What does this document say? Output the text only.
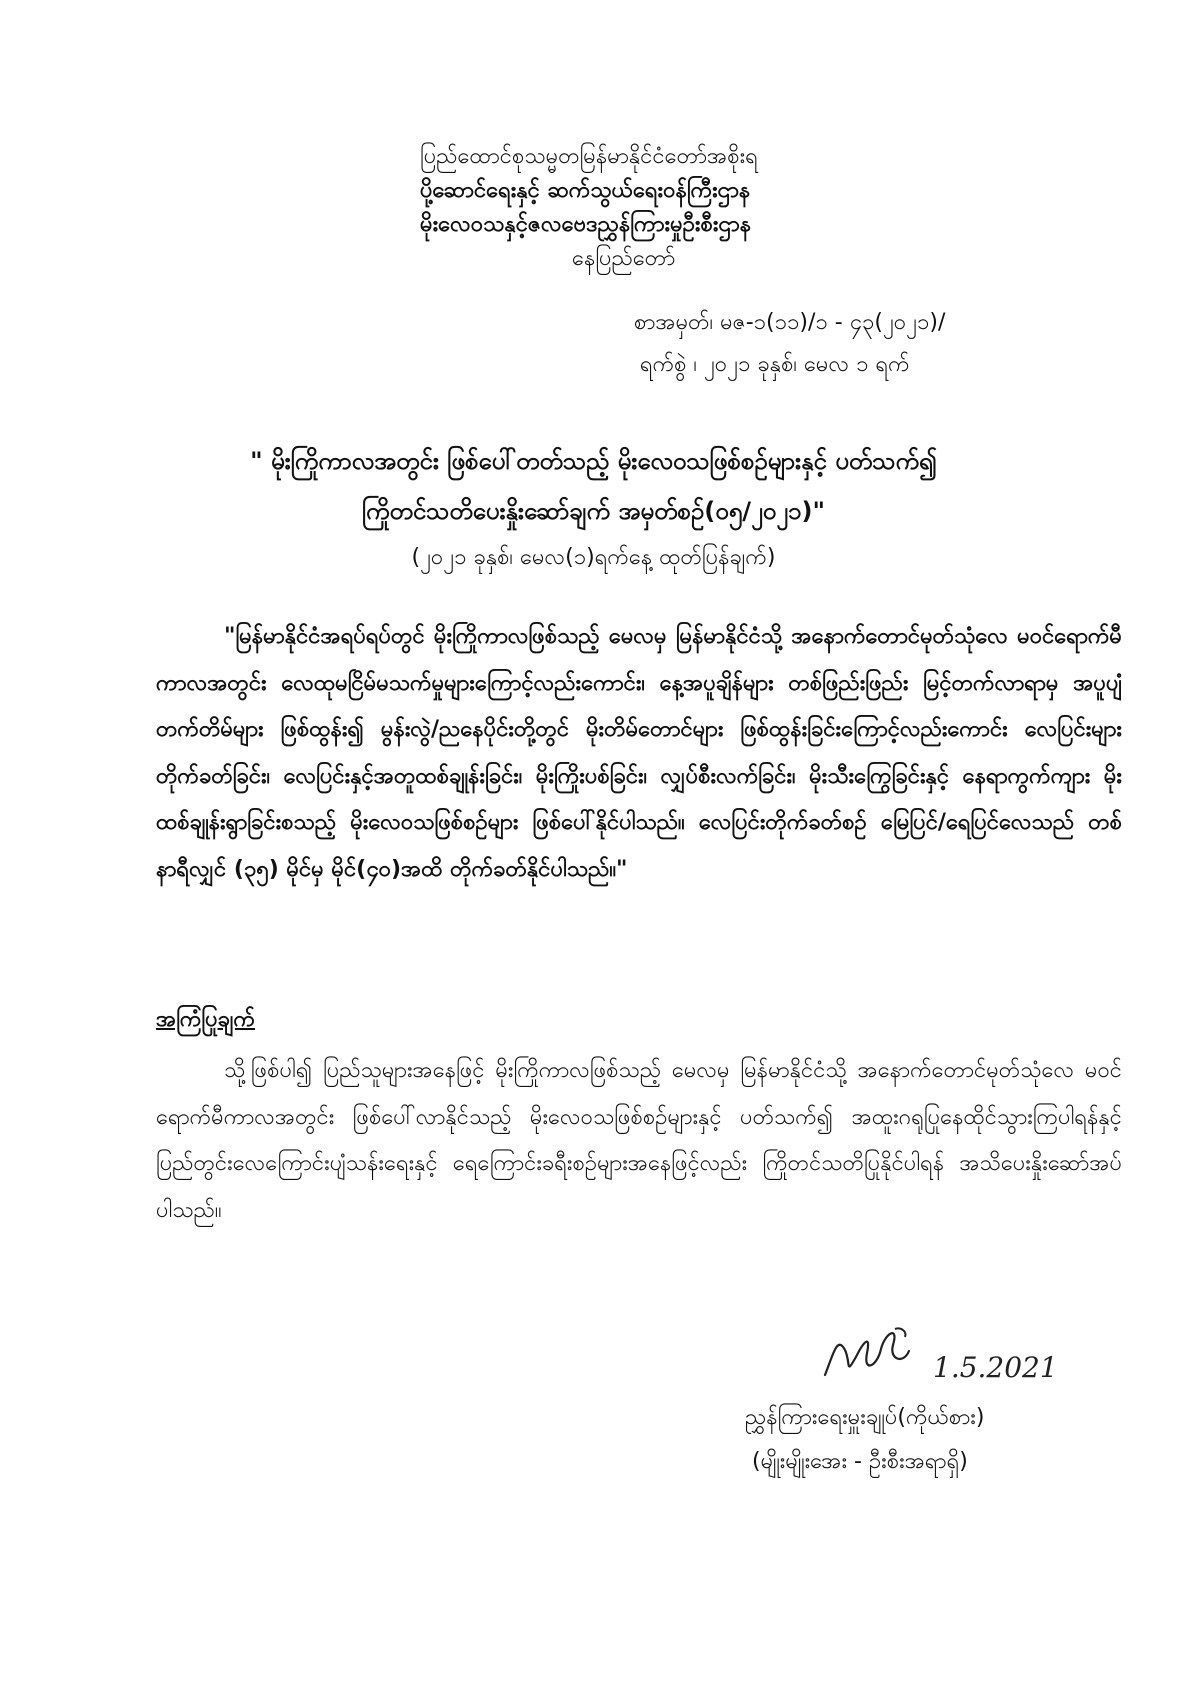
ပြည်ထောင်စုသမ္မတမြန်မာနိုင်ငံတော်အစိုးရ
ပို့ဆောင်ရေးနှင့် ဆက်သွယ်ရေးဝန်ကြီးဌာန
မိုးလေဝသနှင့်ဇလဗေဒညွှန်ကြားမှုဦးစီးဌာန
နေပြည်တော်
စာအမှတ်၊ မဇ-၁(၁၁)/၁ - ၄၃(၂၀၂၁)/
ရက်စွဲ ၊ ၂၀၂၁ ခုနှစ်၊ မေလ ၁ ရက်
" မိုးကြိုကာလအတွင်း ဖြစ်ပေါ်တတ်သည့် မိုးလေဝသဖြစ်စဉ်များနှင့် ပတ်သက်၍
ကြိုတင်သတိပေးနှိုးဆော်ချက် အမှတ်စဉ်(၀၅/၂၀၂၁)"
(၂၀၂၁ ခုနှစ်၊ မေလ(၁)ရက်နေ့ ထုတ်ပြန်ချက်)

"မြန်မာနိုင်ငံအရပ်ရပ်တွင် မိုးကြိုကာလဖြစ်သည့် မေလမှ မြန်မာနိုင်ငံသို့ အနောက်တောင်မုတ်သုံလေ မဝင်ရောက်မီကာလအတွင်း လေထုမငြိမ်မသက်မှုများကြောင့်လည်းကောင်း၊ နေ့အပူချိန်များ တစ်ဖြည်းဖြည်း မြင့်တက်လာရာမှ အပူပျံတက်တိမ်များ ဖြစ်ထွန်း၍ မွန်းလွဲ/ညနေပိုင်းတို့တွင် မိုးတိမ်တောင်များ ဖြစ်ထွန်းခြင်းကြောင့်လည်းကောင်း လေပြင်းများတိုက်ခတ်ခြင်း၊ လေပြင်းနှင့်အတူထစ်ချုန်းခြင်း၊ မိုးကြိုးပစ်ခြင်း၊ လျှပ်စီးလက်ခြင်း၊ မိုးသီးကြွေခြင်းနှင့် နေရာကွက်ကျား မိုးထစ်ချုန်းရွာခြင်းစသည့် မိုးလေဝသဖြစ်စဉ်များ ဖြစ်ပေါ်နိုင်ပါသည်။ လေပြင်းတိုက်ခတ်စဉ် မြေပြင်/ရေပြင်လေသည် တစ်နာရီလျှင် (၃၅) မိုင်မှ မိုင်(၄၀)အထိ တိုက်ခတ်နိုင်ပါသည်။"

အကြံပြုချက်

သို့ဖြစ်ပါ၍ ပြည်သူများအနေဖြင့် မိုးကြိုကာလဖြစ်သည့် မေလမှ မြန်မာနိုင်ငံသို့ အနောက်တောင်မုတ်သုံလေ မဝင်ရောက်မီကာလအတွင်း ဖြစ်ပေါ်လာနိုင်သည့် မိုးလေဝသဖြစ်စဉ်များနှင့် ပတ်သက်၍ အထူးဂရုပြုနေထိုင်သွားကြပါရန်နှင့် ပြည်တွင်းလေကြောင်းပျံသန်းရေးနှင့် ရေကြောင်းခရီးစဉ်များအနေဖြင့်လည်း ကြိုတင်သတိပြုနိုင်ပါရန် အသိပေးနှိုးဆော်အပ်ပါသည်။

1.5.2021
ညွှန်ကြားရေးမှူးချုပ်(ကိုယ်စား)
(မျိုးမျိုးအေး - ဦးစီးအရာရှိ)
